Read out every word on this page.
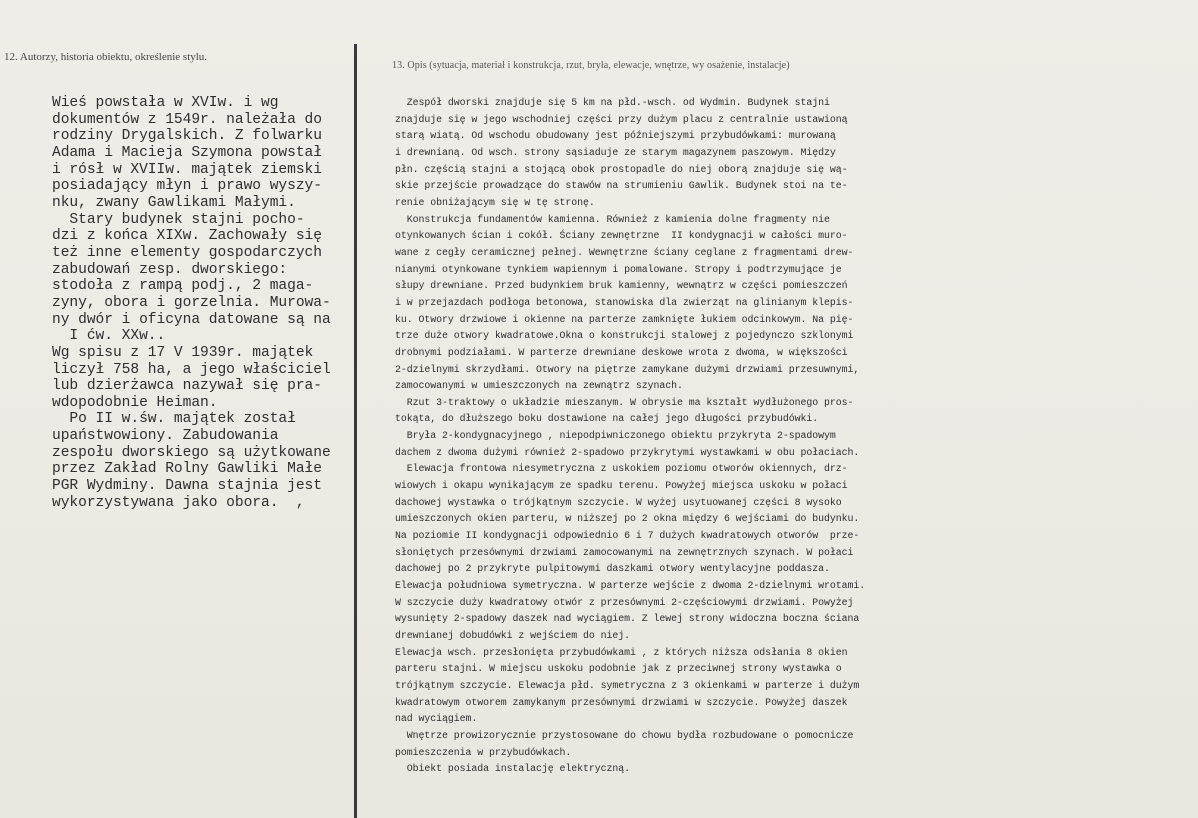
12. Autorzy, historia obiektu, określenie stylu.
13. Opis (sytuacja, materiał i konstrukcja, rzut, bryła, elewacje, wnętrze, wy osażenie, instalacje)
Wieś powstała w XVIw. i wg
dokumentów z 1549r. należała do
rodziny Drygalskich. Z folwarku
Adama i Macieja Szymona powstał
i rósł w XVIIw. majątek ziemski
posiadający młyn i prawo wyszy-
nku, zwany Gawlikami Małymi.
Stary budynek stajni pocho-
dzi z końca XIXw. Zachowały się
też inne elementy gospodarczych
zabudowań zesp. dworskiego:
stodoła z rampą podj., 2 maga-
zyny, obora i gorzelnia. Murowa-
ny dwór i oficyna datowane są na
I ćw. XXw..
Wg spisu z 17 V 1939r. majątek
liczył 758 ha, a jego właściciel
lub dzierżawca nazywał się pra-
wdopodobnie Heiman.
Po II w.św. majątek został
upaństwowiony. Zabudowania
zespołu dworskiego są użytkowane
przez Zakład Rolny Gawliki Małe
PGR Wydminy. Dawna stajnia jest
wykorzystywana jako obora.  ,
Zespół dworski znajduje się 5 km na płd.-wsch. od Wydmin. Budynek stajni
znajduje się w jego wschodniej części przy dużym placu z centralnie ustawioną
starą wiatą. Od wschodu obudowany jest późniejszymi przybudówkami: murowaną
i drewnianą. Od wsch. strony sąsiaduje ze starym magazynem paszowym. Między
płn. częścią stajni a stojącą obok prostopadle do niej oborą znajduje się wą-
skie przejście prowadzące do stawów na strumieniu Gawlik. Budynek stoi na te-
renie obniżającym się w tę stronę.
Konstrukcja fundamentów kamienna. Również z kamienia dolne fragmenty nie
otynkowanych ścian i cokół. Ściany zewnętrzne  II kondygnacji w całości muro-
wane z cegły ceramicznej pełnej. Wewnętrzne ściany ceglane z fragmentami drew-
nianymi otynkowane tynkiem wapiennym i pomalowane. Stropy i podtrzymujące je
słupy drewniane. Przed budynkiem bruk kamienny, wewnątrz w części pomieszczeń
i w przejazdach podłoga betonowa, stanowiska dla zwierząt na glinianym klepis-
ku. Otwory drzwiowe i okienne na parterze zamknięte łukiem odcinkowym. Na pię-
trze duże otwory kwadratowe.Okna o konstrukcji stalowej z pojedynczo szklonymi
drobnymi podziałami. W parterze drewniane deskowe wrota z dwoma, w większości
2-dzielnymi skrzydłami. Otwory na piętrze zamykane dużymi drzwiami przesuwnymi,
zamocowanymi w umieszczonych na zewnątrz szynach.
Rzut 3-traktowy o układzie mieszanym. W obrysie ma kształt wydłużonego pros-
tokąta, do dłuższego boku dostawione na całej jego długości przybudówki.
Bryła 2-kondygnacyjnego , niepodpiwniczonego obiektu przykryta 2-spadowym
dachem z dwoma dużymi również 2-spadowo przykrytymi wystawkami w obu połaciach.
Elewacja frontowa niesymetryczna z uskokiem poziomu otworów okiennych, drz-
wiowych i okapu wynikającym ze spadku terenu. Powyżej miejsca uskoku w połaci
dachowej wystawka o trójkątnym szczycie. W wyżej usytuowanej części 8 wysoko
umieszczonych okien parteru, w niższej po 2 okna między 6 wejściami do budynku.
Na poziomie II kondygnacji odpowiednio 6 i 7 dużych kwadratowych otworów  prze-
słoniętych przesównymi drzwiami zamocowanymi na zewnętrznych szynach. W połaci
dachowej po 2 przykryte pulpitowymi daszkami otwory wentylacyjne poddasza.
Elewacja południowa symetryczna. W parterze wejście z dwoma 2-dzielnymi wrotami.
W szczycie duży kwadratowy otwór z przesównymi 2-częściowymi drzwiami. Powyżej
wysunięty 2-spadowy daszek nad wyciągiem. Z lewej strony widoczna boczna ściana
drewnianej dobudówki z wejściem do niej.
Elewacja wsch. przesłonięta przybudówkami , z których niższa odsłania 8 okien
parteru stajni. W miejscu uskoku podobnie jak z przeciwnej strony wystawka o
trójkątnym szczycie. Elewacja płd. symetryczna z 3 okienkami w parterze i dużym
kwadratowym otworem zamykanym przesównymi drzwiami w szczycie. Powyżej daszek
nad wyciągiem.
Wnętrze prowizorycznie przystosowane do chowu bydła rozbudowane o pomocnicze
pomieszczenia w przybudówkach.
Obiekt posiada instalację elektryczną.
